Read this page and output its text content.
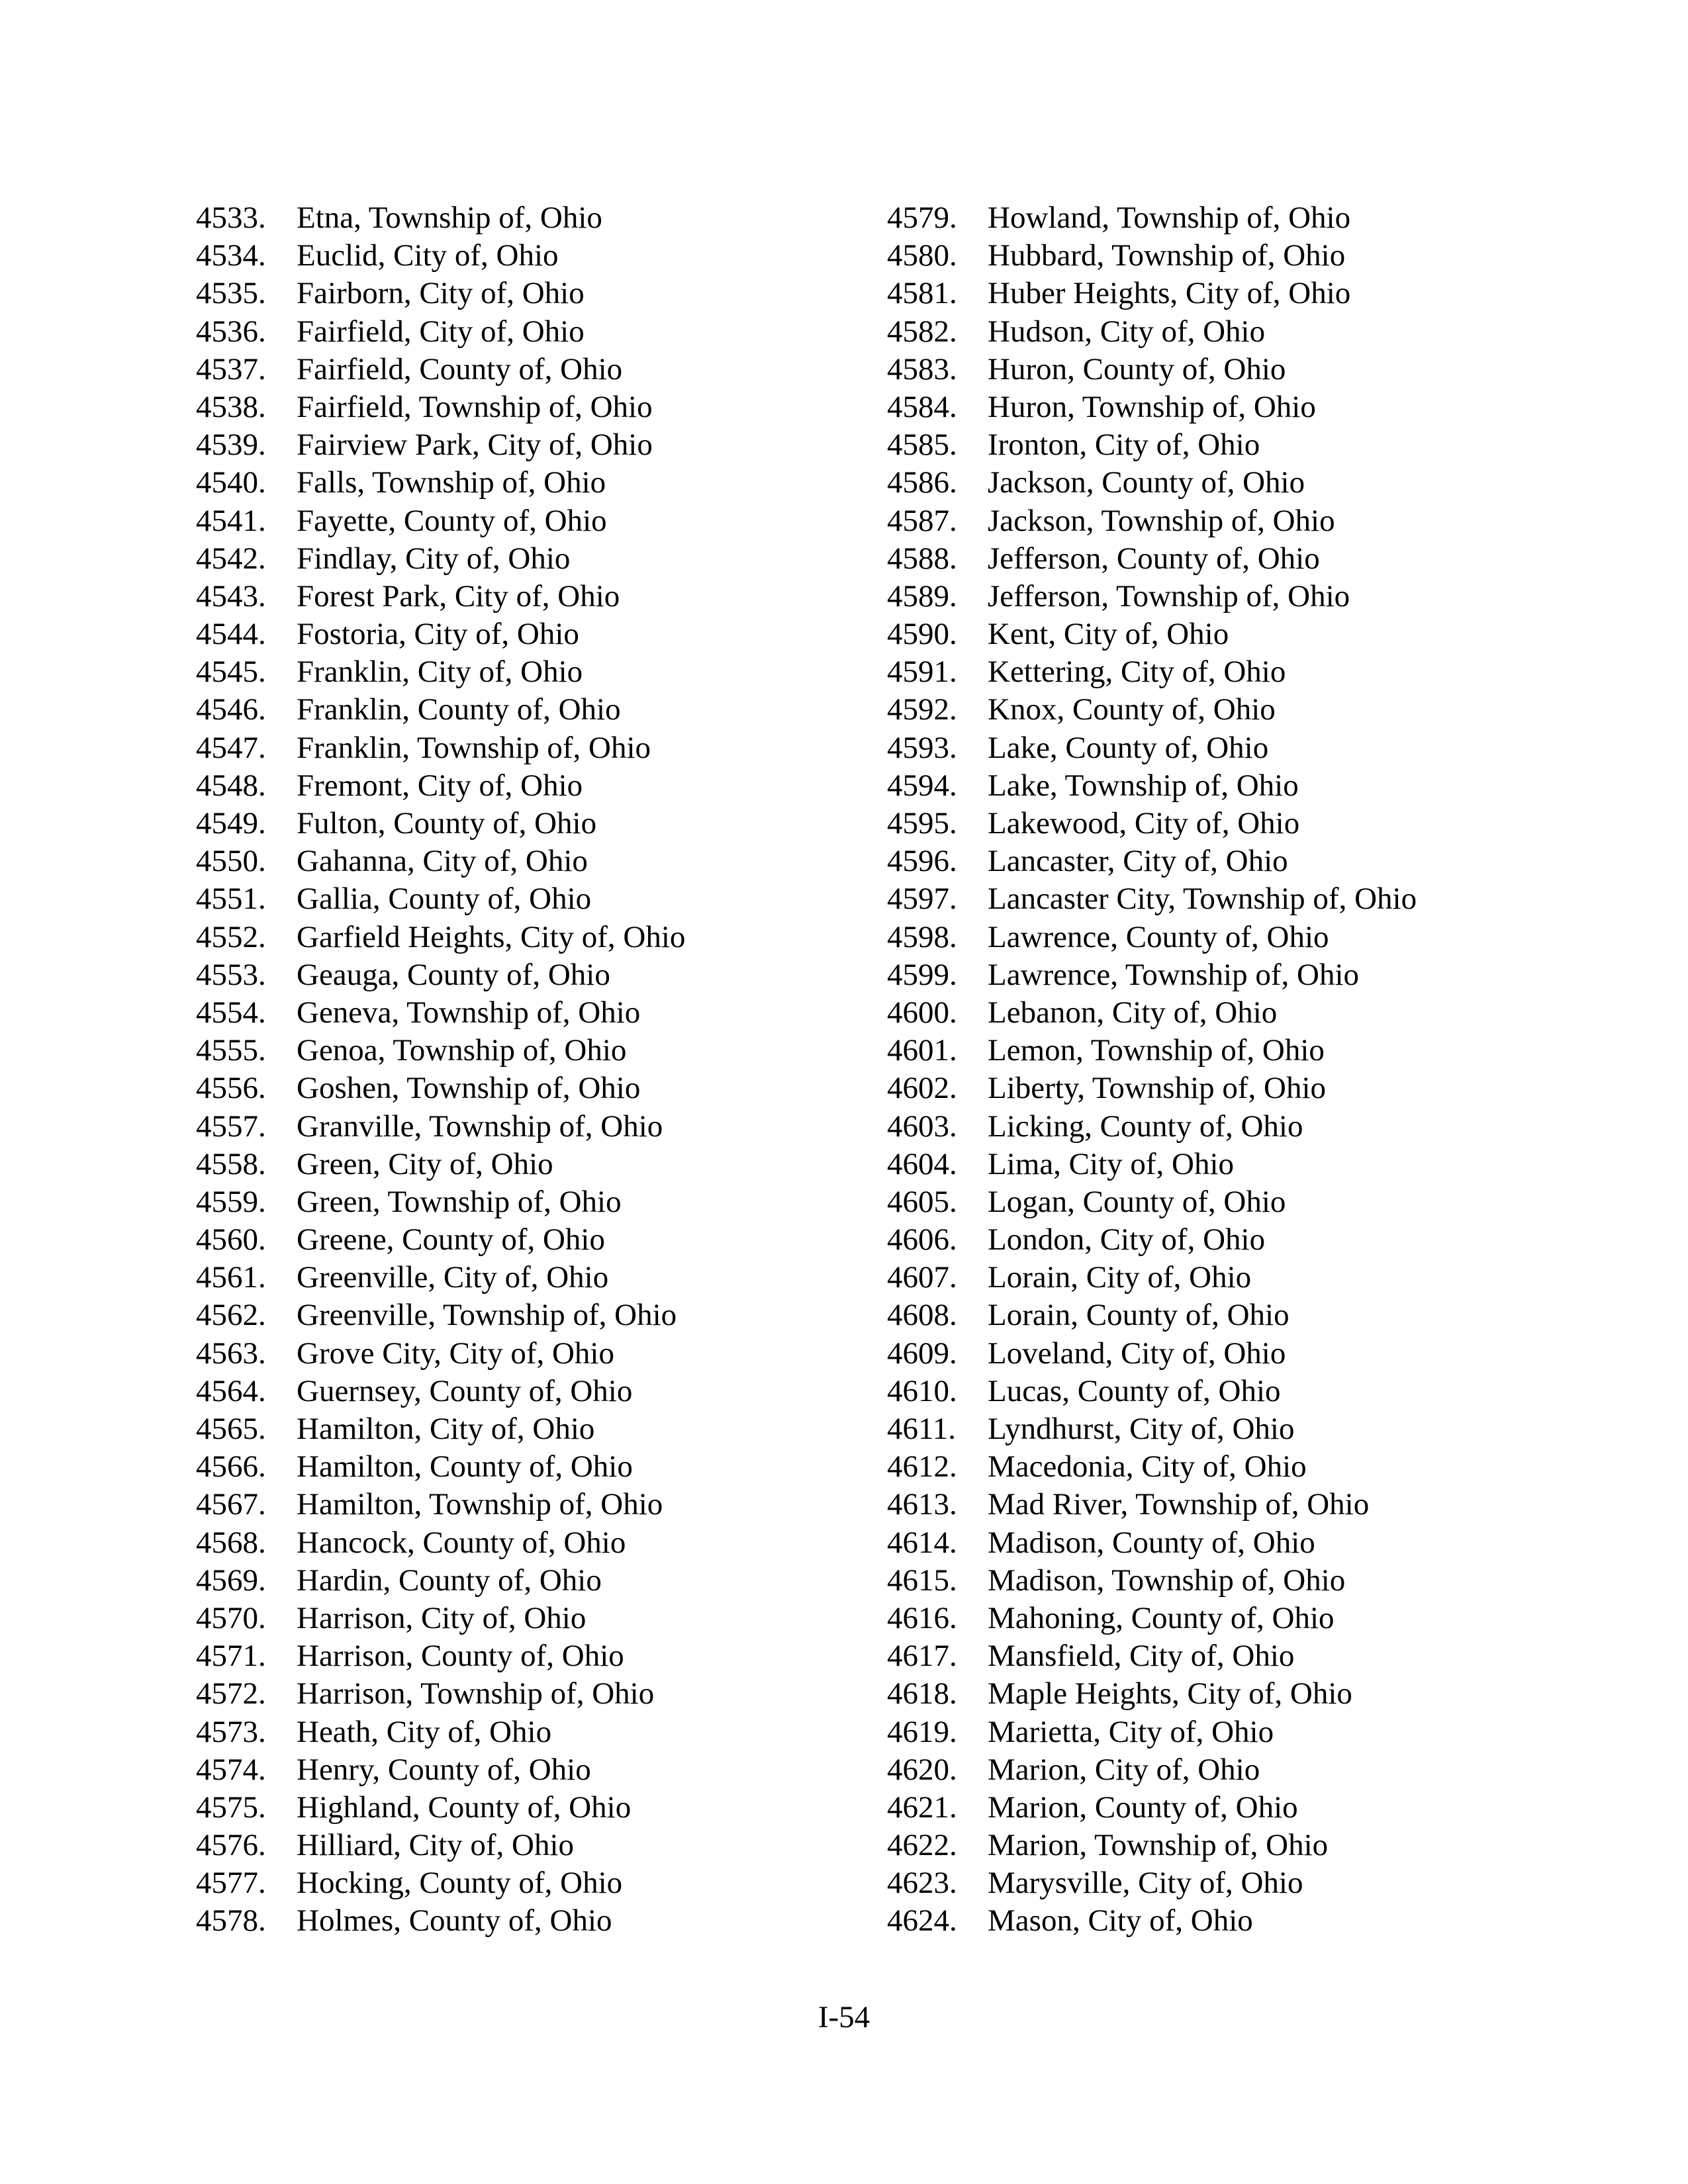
4533. Etna, Township of, Ohio
4534. Euclid, City of, Ohio
4535. Fairborn, City of, Ohio
4536. Fairfield, City of, Ohio
4537. Fairfield, County of, Ohio
4538. Fairfield, Township of, Ohio
4539. Fairview Park, City of, Ohio
4540. Falls, Township of, Ohio
4541. Fayette, County of, Ohio
4542. Findlay, City of, Ohio
4543. Forest Park, City of, Ohio
4544. Fostoria, City of, Ohio
4545. Franklin, City of, Ohio
4546. Franklin, County of, Ohio
4547. Franklin, Township of, Ohio
4548. Fremont, City of, Ohio
4549. Fulton, County of, Ohio
4550. Gahanna, City of, Ohio
4551. Gallia, County of, Ohio
4552. Garfield Heights, City of, Ohio
4553. Geauga, County of, Ohio
4554. Geneva, Township of, Ohio
4555. Genoa, Township of, Ohio
4556. Goshen, Township of, Ohio
4557. Granville, Township of, Ohio
4558. Green, City of, Ohio
4559. Green, Township of, Ohio
4560. Greene, County of, Ohio
4561. Greenville, City of, Ohio
4562. Greenville, Township of, Ohio
4563. Grove City, City of, Ohio
4564. Guernsey, County of, Ohio
4565. Hamilton, City of, Ohio
4566. Hamilton, County of, Ohio
4567. Hamilton, Township of, Ohio
4568. Hancock, County of, Ohio
4569. Hardin, County of, Ohio
4570. Harrison, City of, Ohio
4571. Harrison, County of, Ohio
4572. Harrison, Township of, Ohio
4573. Heath, City of, Ohio
4574. Henry, County of, Ohio
4575. Highland, County of, Ohio
4576. Hilliard, City of, Ohio
4577. Hocking, County of, Ohio
4578. Holmes, County of, Ohio
4579. Howland, Township of, Ohio
4580. Hubbard, Township of, Ohio
4581. Huber Heights, City of, Ohio
4582. Hudson, City of, Ohio
4583. Huron, County of, Ohio
4584. Huron, Township of, Ohio
4585. Ironton, City of, Ohio
4586. Jackson, County of, Ohio
4587. Jackson, Township of, Ohio
4588. Jefferson, County of, Ohio
4589. Jefferson, Township of, Ohio
4590. Kent, City of, Ohio
4591. Kettering, City of, Ohio
4592. Knox, County of, Ohio
4593. Lake, County of, Ohio
4594. Lake, Township of, Ohio
4595. Lakewood, City of, Ohio
4596. Lancaster, City of, Ohio
4597. Lancaster City, Township of, Ohio
4598. Lawrence, County of, Ohio
4599. Lawrence, Township of, Ohio
4600. Lebanon, City of, Ohio
4601. Lemon, Township of, Ohio
4602. Liberty, Township of, Ohio
4603. Licking, County of, Ohio
4604. Lima, City of, Ohio
4605. Logan, County of, Ohio
4606. London, City of, Ohio
4607. Lorain, City of, Ohio
4608. Lorain, County of, Ohio
4609. Loveland, City of, Ohio
4610. Lucas, County of, Ohio
4611. Lyndhurst, City of, Ohio
4612. Macedonia, City of, Ohio
4613. Mad River, Township of, Ohio
4614. Madison, County of, Ohio
4615. Madison, Township of, Ohio
4616. Mahoning, County of, Ohio
4617. Mansfield, City of, Ohio
4618. Maple Heights, City of, Ohio
4619. Marietta, City of, Ohio
4620. Marion, City of, Ohio
4621. Marion, County of, Ohio
4622. Marion, Township of, Ohio
4623. Marysville, City of, Ohio
4624. Mason, City of, Ohio
I-54
